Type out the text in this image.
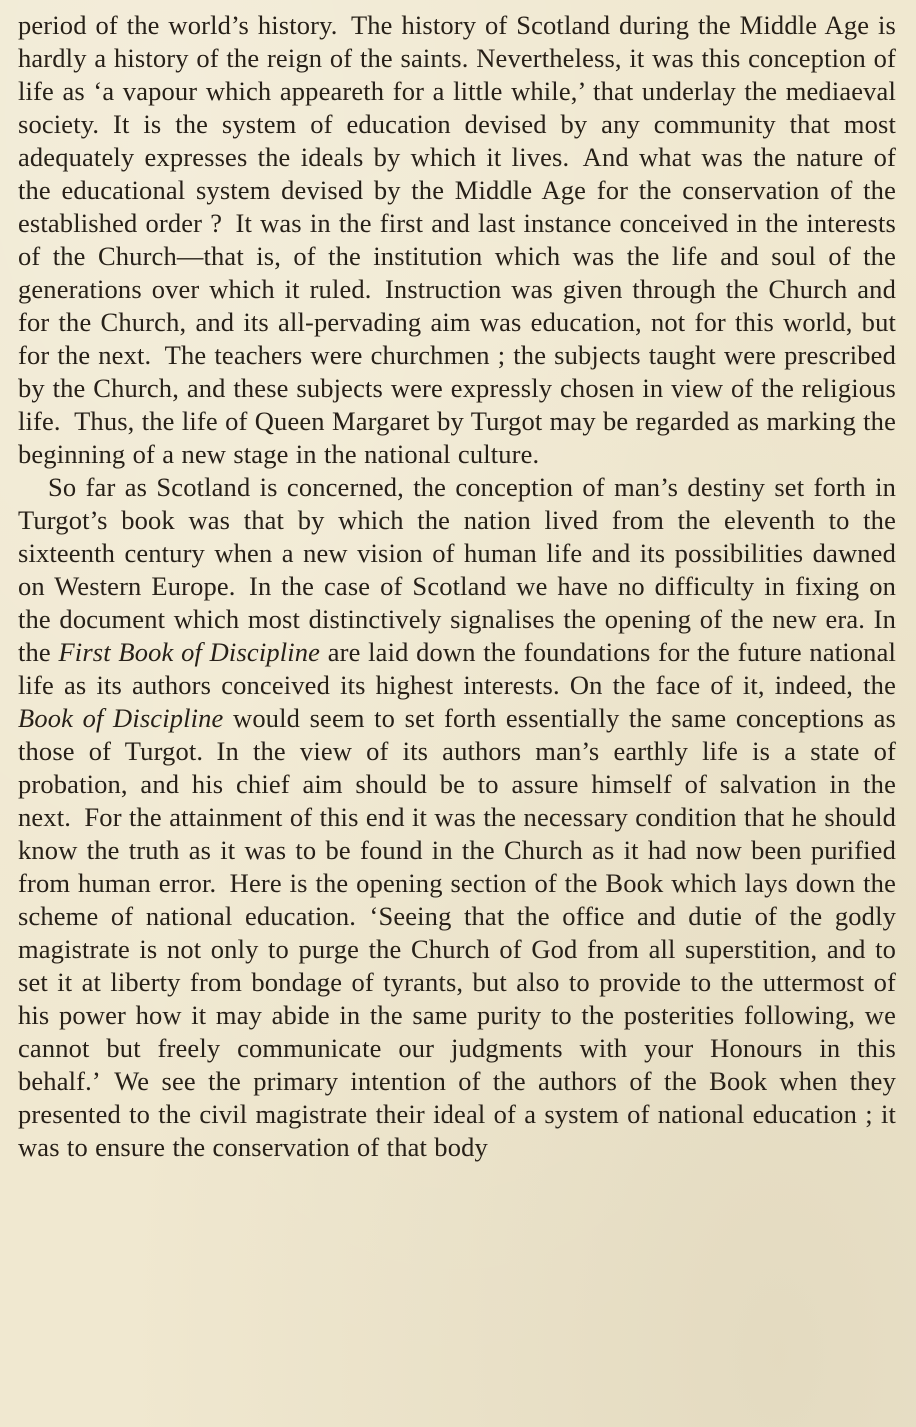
period of the world’s history. The history of Scotland during the Middle Age is hardly a history of the reign of the saints. Nevertheless, it was this conception of life as ‘a vapour which appeareth for a little while,’ that underlay the mediaeval society. It is the system of education devised by any community that most adequately expresses the ideals by which it lives. And what was the nature of the educational system devised by the Middle Age for the conservation of the established order ? It was in the first and last instance conceived in the interests of the Church—that is, of the institution which was the life and soul of the generations over which it ruled. Instruction was given through the Church and for the Church, and its all-pervading aim was education, not for this world, but for the next. The teachers were churchmen ; the subjects taught were prescribed by the Church, and these subjects were expressly chosen in view of the religious life. Thus, the life of Queen Margaret by Turgot may be regarded as marking the beginning of a new stage in the national culture.

So far as Scotland is concerned, the conception of man’s destiny set forth in Turgot’s book was that by which the nation lived from the eleventh to the sixteenth century when a new vision of human life and its possibilities dawned on Western Europe. In the case of Scotland we have no difficulty in fixing on the document which most distinctively signalises the opening of the new era. In the First Book of Discipline are laid down the foundations for the future national life as its authors conceived its highest interests. On the face of it, indeed, the Book of Discipline would seem to set forth essentially the same conceptions as those of Turgot. In the view of its authors man’s earthly life is a state of probation, and his chief aim should be to assure himself of salvation in the next. For the attainment of this end it was the necessary condition that he should know the truth as it was to be found in the Church as it had now been purified from human error. Here is the opening section of the Book which lays down the scheme of national education. ‘Seeing that the office and dutie of the godly magistrate is not only to purge the Church of God from all superstition, and to set it at liberty from bondage of tyrants, but also to provide to the uttermost of his power how it may abide in the same purity to the posterities following, we cannot but freely communicate our judgments with your Honours in this behalf.’ We see the primary intention of the authors of the Book when they presented to the civil magistrate their ideal of a system of national education ; it was to ensure the conservation of that body
